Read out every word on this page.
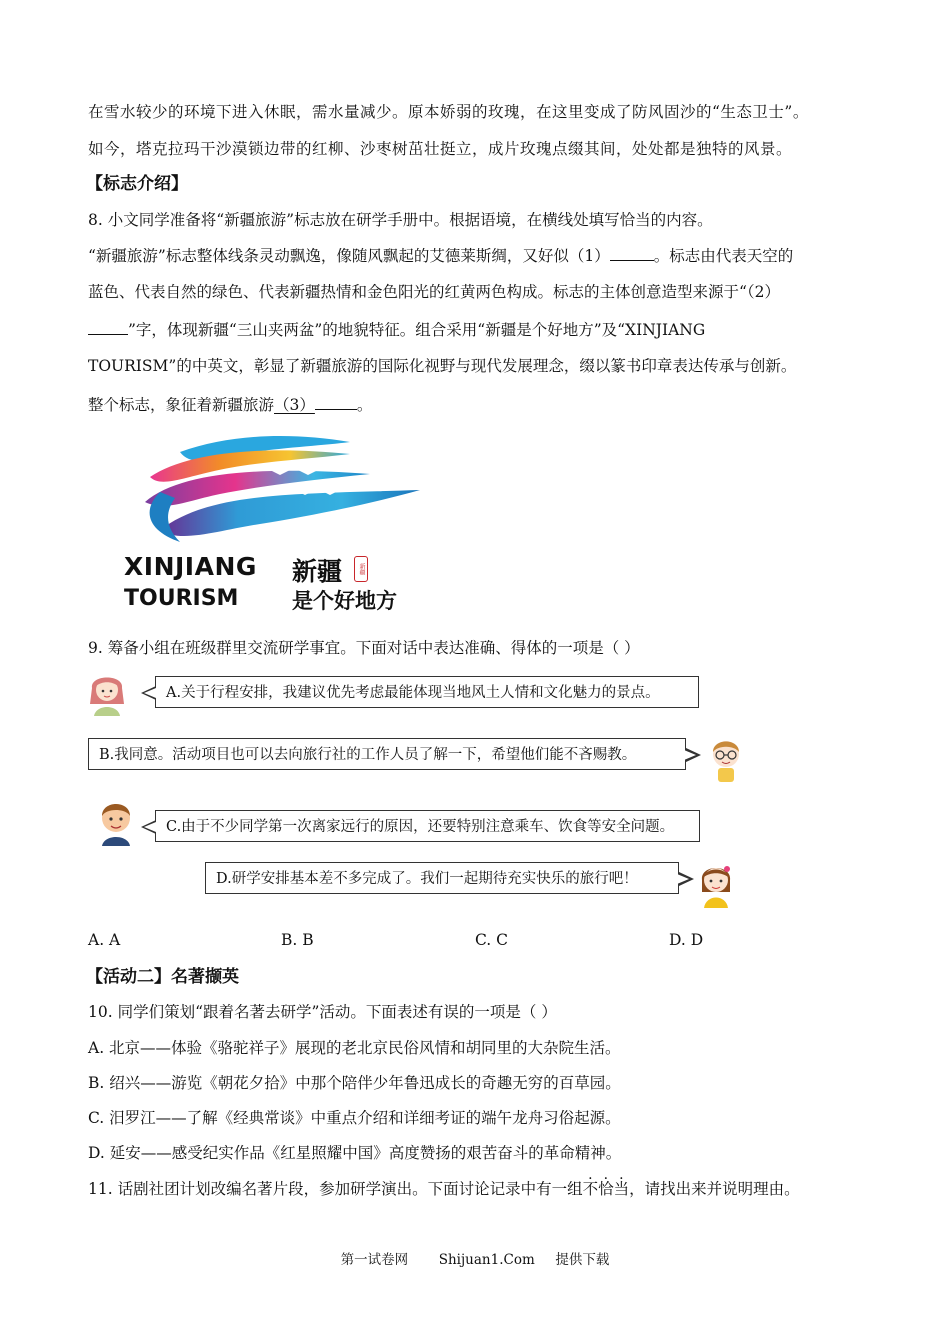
在雪水较少的环境下进入休眠，需水量减少。原本娇弱的玫瑰，在这里变成了防风固沙的“生态卫士”。
如今，塔克拉玛干沙漠锁边带的红柳、沙枣树茁壮挺立，成片玫瑰点缀其间，处处都是独特的风景。
【标志介绍】
8. 小文同学准备将“新疆旅游”标志放在研学手册中。根据语境，在横线处填写恰当的内容。
“新疆旅游”标志整体线条灵动飘逸，像随风飘起的艾德莱斯绸，又好似（1）	。标志由代表天空的
蓝色、代表自然的绿色、代表新疆热情和金色阳光的红黄两色构成。标志的主体创意造型来源于“（2）
”字，体现新疆“三山夹两盆”的地貌特征。组合采用“新疆是个好地方”及“XINJIANG
TOURISM”的中英文，彰显了新疆旅游的国际化视野与现代发展理念，缀以篆书印章表达传承与创新。
整个标志，象征着新疆旅游（3）	。
XINJIANG
TOURISM
新疆	新疆
是个好地方
9. 筹备小组在班级群里交流研学事宜。下面对话中表达准确、得体的一项是（ ）
A.关于行程安排，我建议优先考虑最能体现当地风土人情和文化魅力的景点。
B.我同意。活动项目也可以去向旅行社的工作人员了解一下，希望他们能不吝赐教。
C.由于不少同学第一次离家远行的原因，还要特别注意乘车、饮食等安全问题。
D.研学安排基本差不多完成了。我们一起期待充实快乐的旅行吧！
A. A	B. B	C. C	D. D
【活动二】名著撷英
10. 同学们策划“跟着名著去研学”活动。下面表述有误的一项是（ ）
A. 北京——体验《骆驼祥子》展现的老北京民俗风情和胡同里的大杂院生活。
B. 绍兴——游览《朝花夕拾》中那个陪伴少年鲁迅成长的奇趣无穷的百草园。
C. 汨罗江——了解《经典常谈》中重点介绍和详细考证的端午龙舟习俗起源。
D. 延安——感受纪实作品《红星照耀中国》高度赞扬的艰苦奋斗的革命精神。
11. 话剧社团计划改编名著片段，参加研学演出。下面讨论记录中有一组不恰当，请找出来并说明理由。
第一试卷网 Shijuan1.Com 提供下载
